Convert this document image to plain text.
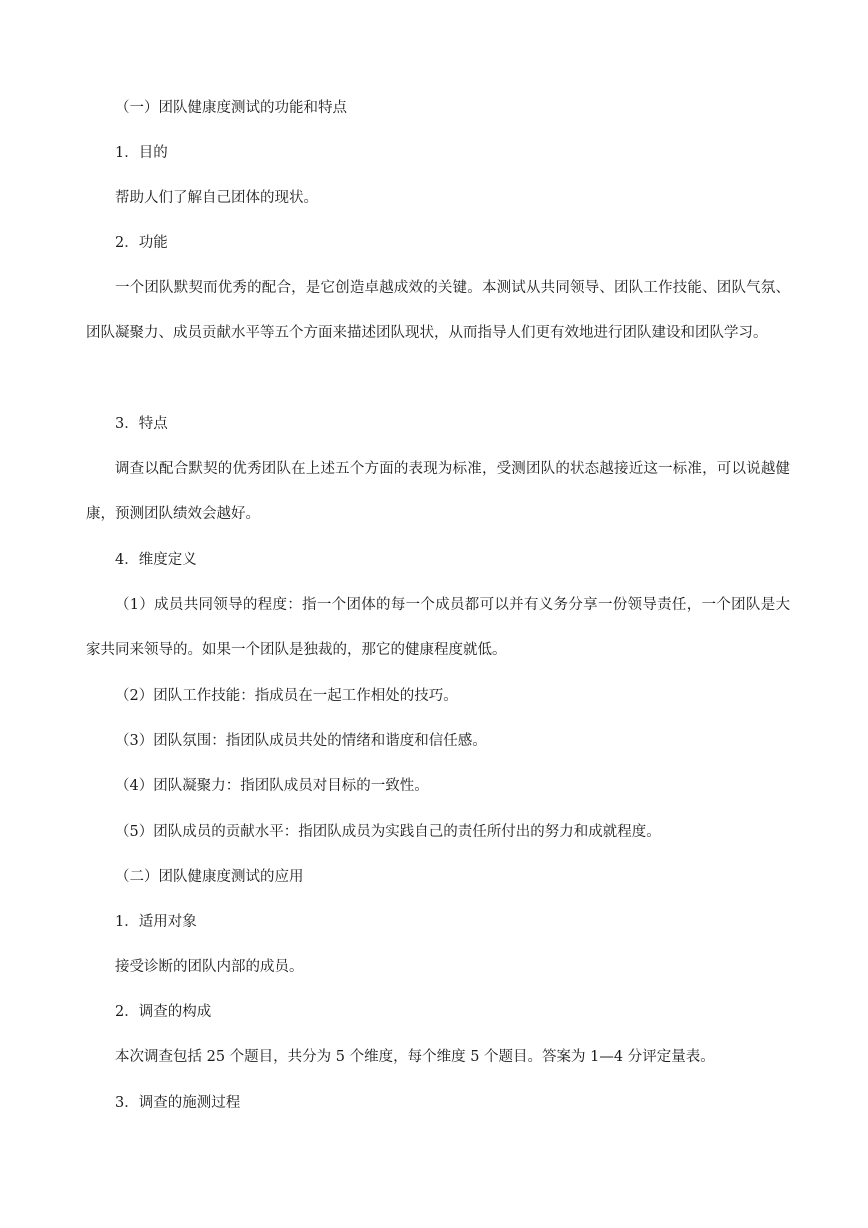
（一）团队健康度测试的功能和特点

1．目的

帮助人们了解自己团体的现状。

2．功能

一个团队默契而优秀的配合，是它创造卓越成效的关键。本测试从共同领导、团队工作技能、团队气氛、团队凝聚力、成员贡献水平等五个方面来描述团队现状，从而指导人们更有效地进行团队建设和团队学习。

3．特点

调查以配合默契的优秀团队在上述五个方面的表现为标准，受测团队的状态越接近这一标准，可以说越健康，预测团队绩效会越好。

4．维度定义

（1）成员共同领导的程度：指一个团体的每一个成员都可以并有义务分享一份领导责任，一个团队是大家共同来领导的。如果一个团队是独裁的，那它的健康程度就低。

（2）团队工作技能：指成员在一起工作相处的技巧。

（3）团队氛围：指团队成员共处的情绪和谐度和信任感。

（4）团队凝聚力：指团队成员对目标的一致性。

（5）团队成员的贡献水平：指团队成员为实践自己的责任所付出的努力和成就程度。

（二）团队健康度测试的应用

1．适用对象

接受诊断的团队内部的成员。

2．调查的构成

本次调查包括 25 个题目，共分为 5 个维度，每个维度 5 个题目。答案为 1—4 分评定量表。

3．调查的施测过程
